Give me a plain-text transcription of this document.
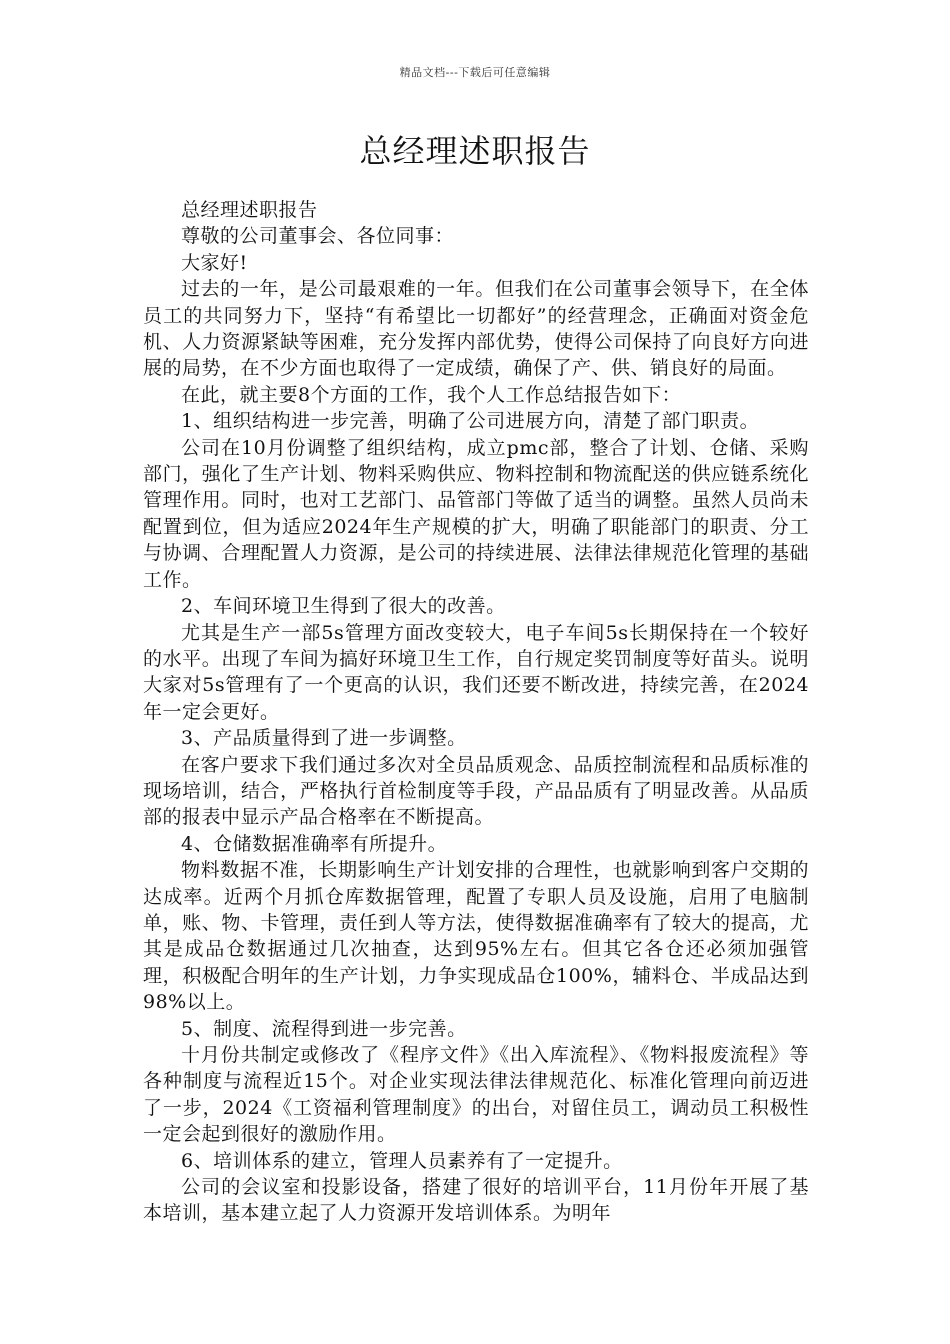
精品文档---下载后可任意编辑
总经理述职报告

总经理述职报告

尊敬的公司董事会、各位同事：

大家好!

过去的一年，是公司最艰难的一年。但我们在公司董事会领导下，在全体员工的共同努力下，坚持“有希望比一切都好”的经营理念，正确面对资金危机、人力资源紧缺等困难，充分发挥内部优势，使得公司保持了向良好方向进展的局势，在不少方面也取得了一定成绩，确保了产、供、销良好的局面。

在此，就主要8个方面的工作，我个人工作总结报告如下：

1、组织结构进一步完善，明确了公司进展方向，清楚了部门职责。

公司在10月份调整了组织结构，成立pmc部，整合了计划、仓储、采购部门，强化了生产计划、物料采购供应、物料控制和物流配送的供应链系统化管理作用。同时，也对工艺部门、品管部门等做了适当的调整。虽然人员尚未配置到位，但为适应2024年生产规模的扩大，明确了职能部门的职责、分工与协调、合理配置人力资源，是公司的持续进展、法律法律规范化管理的基础工作。

2、车间环境卫生得到了很大的改善。

尤其是生产一部5s管理方面改变较大，电子车间5s长期保持在一个较好的水平。出现了车间为搞好环境卫生工作，自行规定奖罚制度等好苗头。说明大家对5s管理有了一个更高的认识，我们还要不断改进，持续完善，在2024年一定会更好。

3、产品质量得到了进一步调整。

在客户要求下我们通过多次对全员品质观念、品质控制流程和品质标准的现场培训，结合，严格执行首检制度等手段，产品品质有了明显改善。从品质部的报表中显示产品合格率在不断提高。

4、仓储数据准确率有所提升。

物料数据不准，长期影响生产计划安排的合理性，也就影响到客户交期的达成率。近两个月抓仓库数据管理，配置了专职人员及设施，启用了电脑制单，账、物、卡管理，责任到人等方法，使得数据准确率有了较大的提高，尤其是成品仓数据通过几次抽查，达到95%左右。但其它各仓还必须加强管理，积极配合明年的生产计划，力争实现成品仓100%，辅料仓、半成品达到98%以上。

5、制度、流程得到进一步完善。

十月份共制定或修改了《程序文件》《出入库流程》、《物料报废流程》等各种制度与流程近15个。对企业实现法律法律规范化、标准化管理向前迈进了一步，2024《工资福利管理制度》的出台，对留住员工，调动员工积极性一定会起到很好的激励作用。

6、培训体系的建立，管理人员素养有了一定提升。

公司的会议室和投影设备，搭建了很好的培训平台，11月份年开展了基本培训，基本建立起了人力资源开发培训体系。为明年
